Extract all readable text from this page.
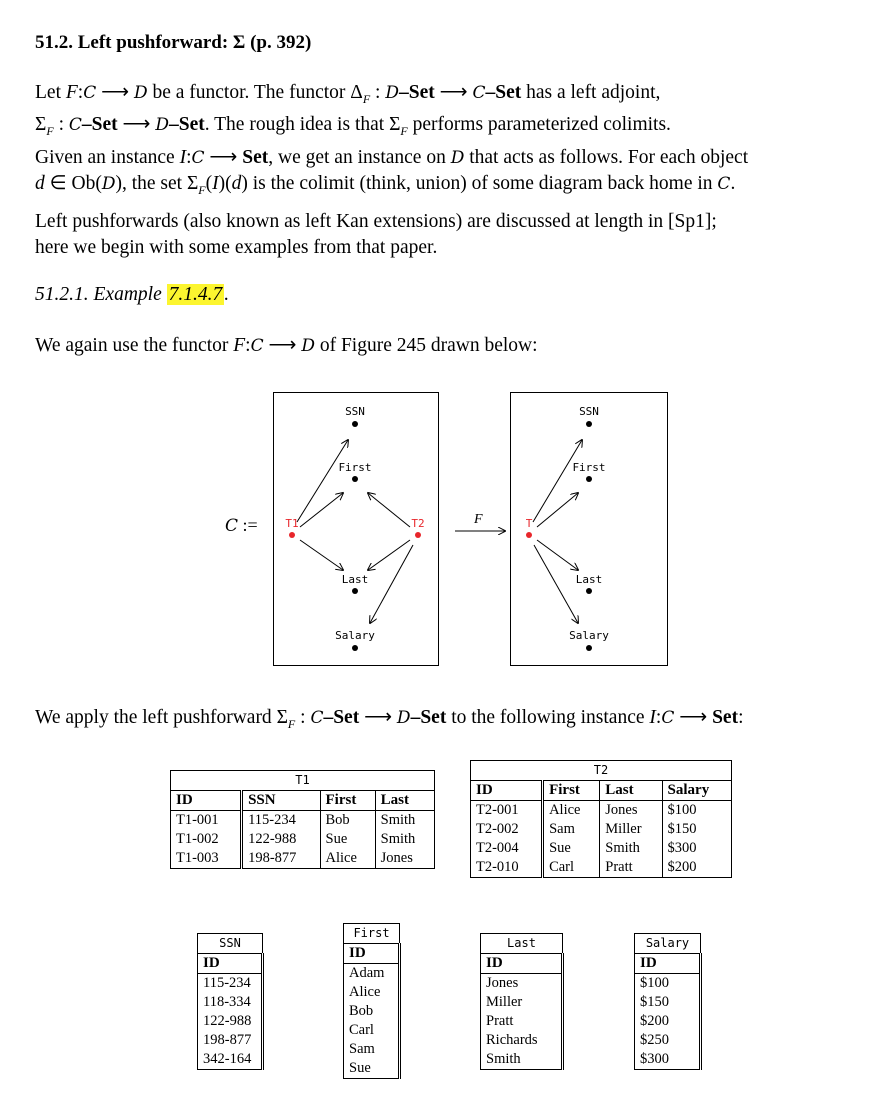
51.2. Left pushforward: Σ (p. 392)
Let F:C ⟶ D be a functor. The functor $\Delta_F$ : D–Set ⟶ C–Set has a left adjoint,
$\Sigma_F$ : C–Set ⟶ D–Set. The rough idea is that $\Sigma_F$ performs parameterized colimits.
Given an instance I:C ⟶ Set, we get an instance on D that acts as follows. For each object
d ∈ Ob(D), the set $\Sigma_F(I)(d)$ is the colimit (think, union) of some diagram back home in C.
Left pushforwards (also known as left Kan extensions) are discussed at length in [Sp1];
here we begin with some examples from that paper.
51.2.1. Example 7.1.4.7 .
We again use the functor F:C ⟶ D of Figure 245 drawn below:
C :=	F
SSN
First
T1	T2
Last
Salary
SSN
First
T
Last
Salary
We apply the left pushforward $\Sigma_F$ : C–Set ⟶ D–Set to the following instance I:C ⟶ Set:
T1			
ID	SSN	First	Last
T1-001	115-234	Bob	Smith
T1-002	122-988	Sue	Smith
T1-003	198-877	Alice	Jones
T2			
ID	First	Last	Salary
T2-001	Alice	Jones	$100
T2-002	Sam	Miller	$150
T2-004	Sue	Smith	$300
T2-010	Carl	Pratt	$200
SSN
ID
115-234
118-334
122-988
198-877
342-164
First
ID
Adam
Alice
Bob
Carl
Sam
Sue
Last
ID
Jones
Miller
Pratt
Richards
Smith
Salary
ID
$100
$150
$200
$250
$300
